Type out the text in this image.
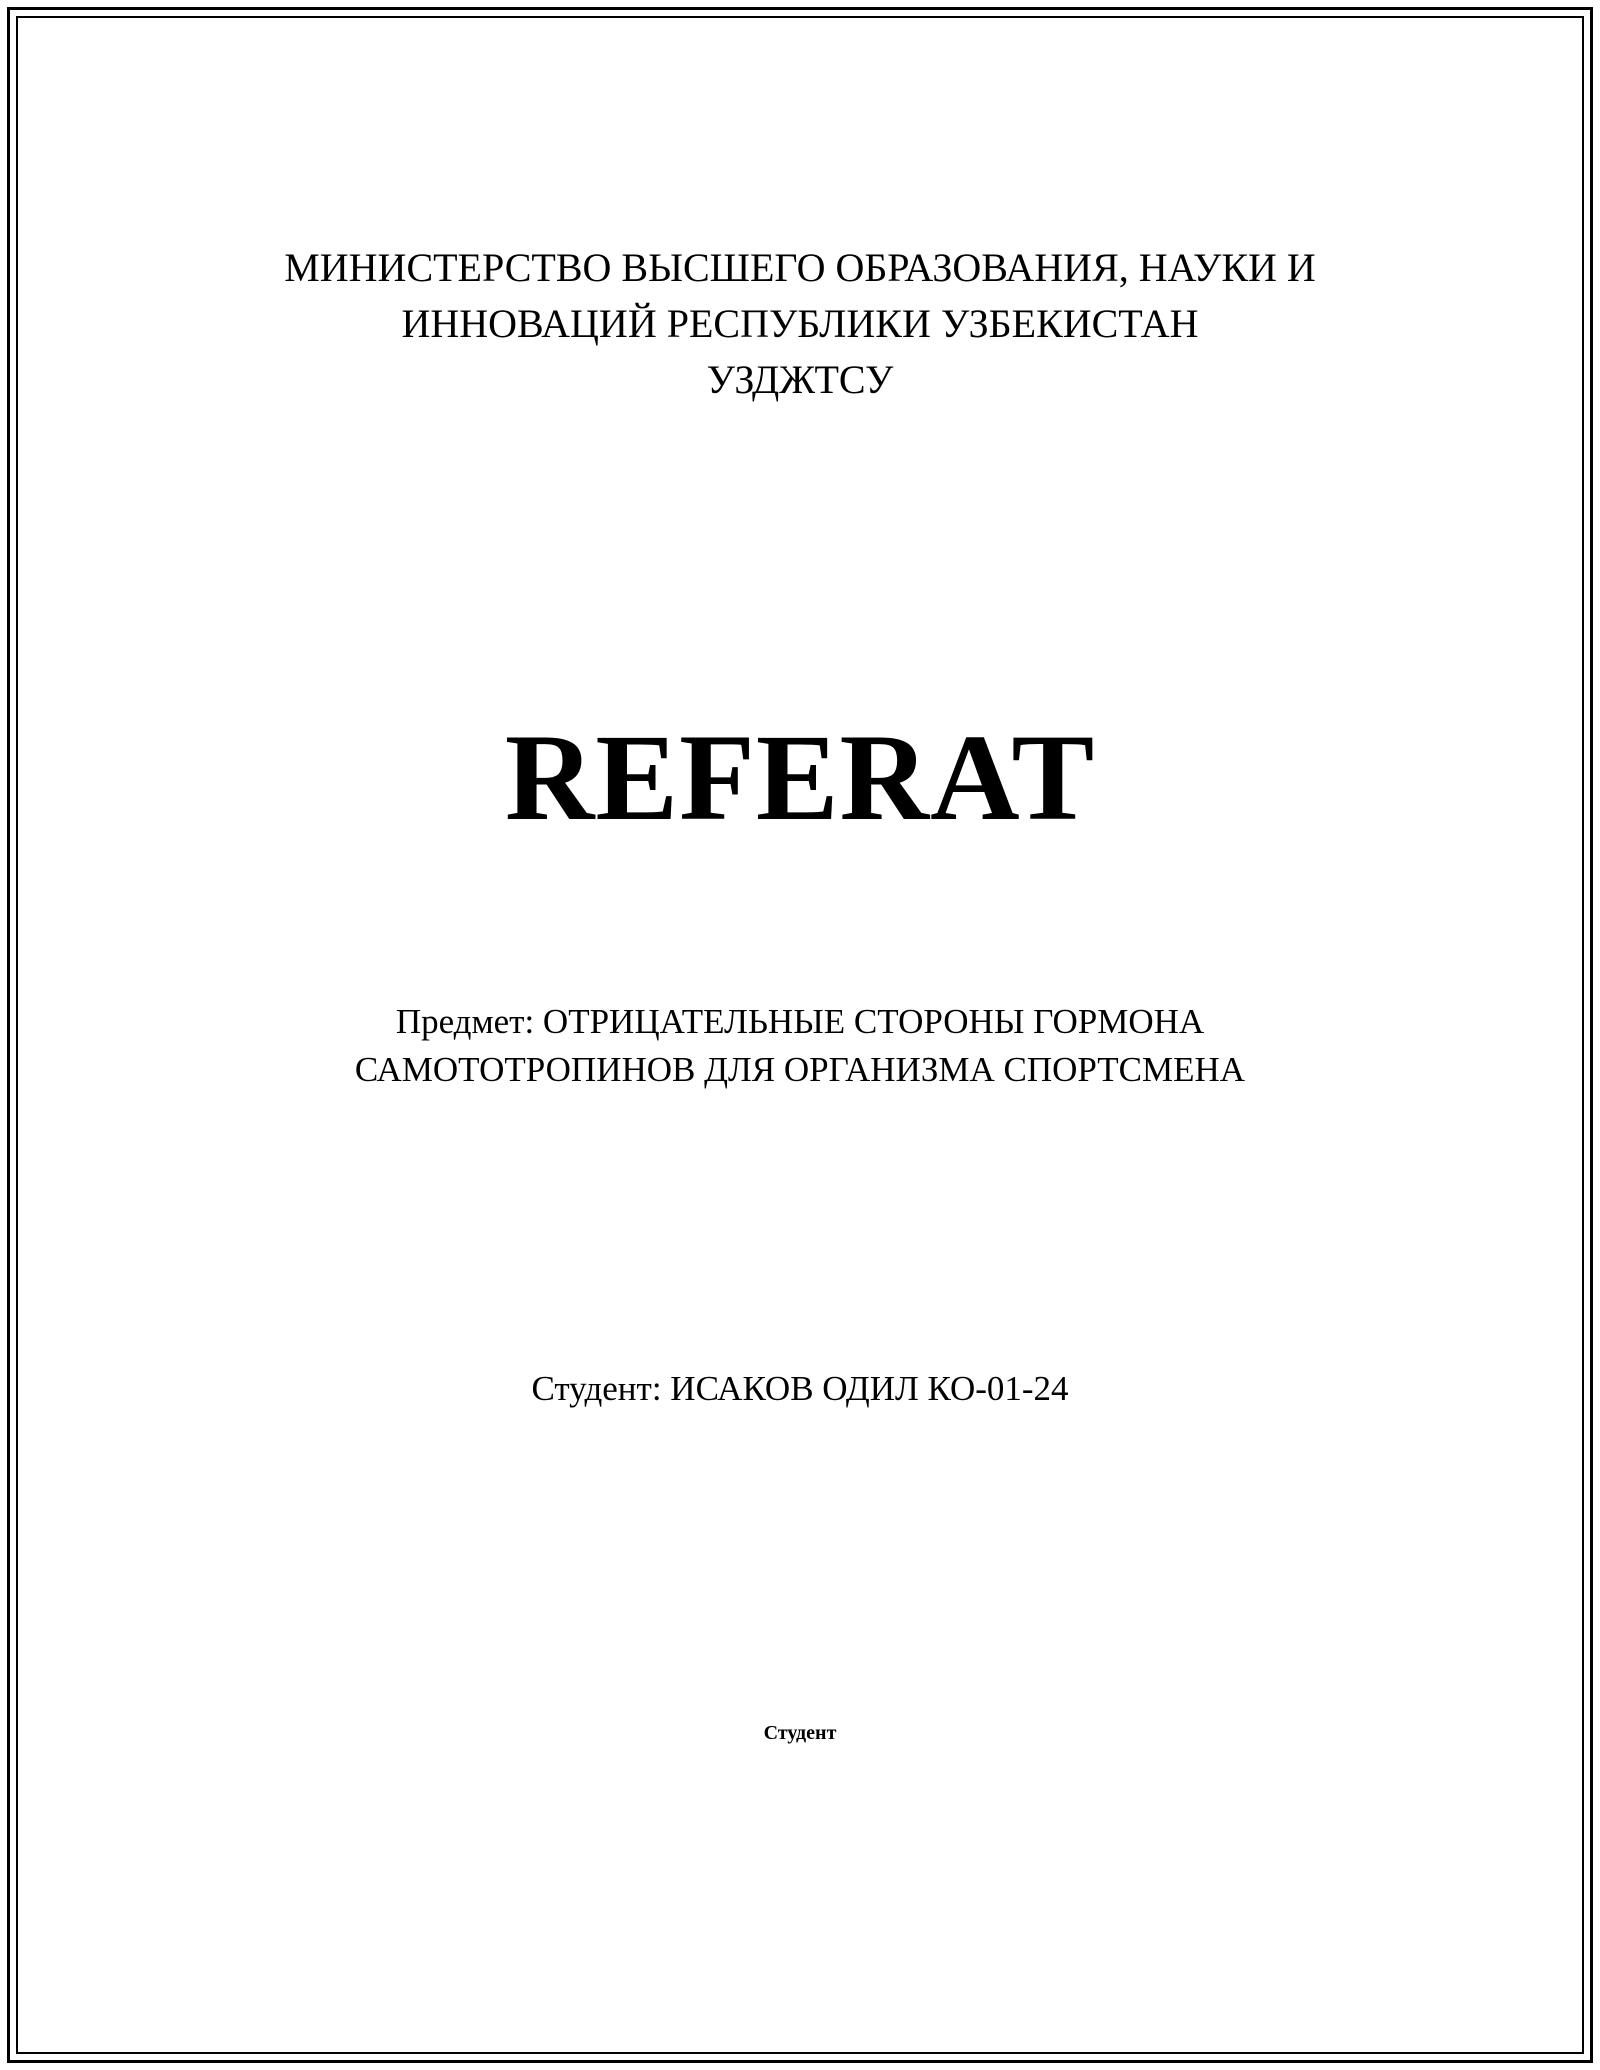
МИНИСТЕРСТВО ВЫСШЕГО ОБРАЗОВАНИЯ, НАУКИ И
ИННОВАЦИЙ РЕСПУБЛИКИ УЗБЕКИСТАН
УЗДЖТСУ
REFERAT
Предмет: ОТРИЦАТЕЛЬНЫЕ СТОРОНЫ ГОРМОНА
САМОТОТРОПИНОВ ДЛЯ ОРГАНИЗМА СПОРТСМЕНА
Студент: ИСАКОВ ОДИЛ КО-01-24
Студент
